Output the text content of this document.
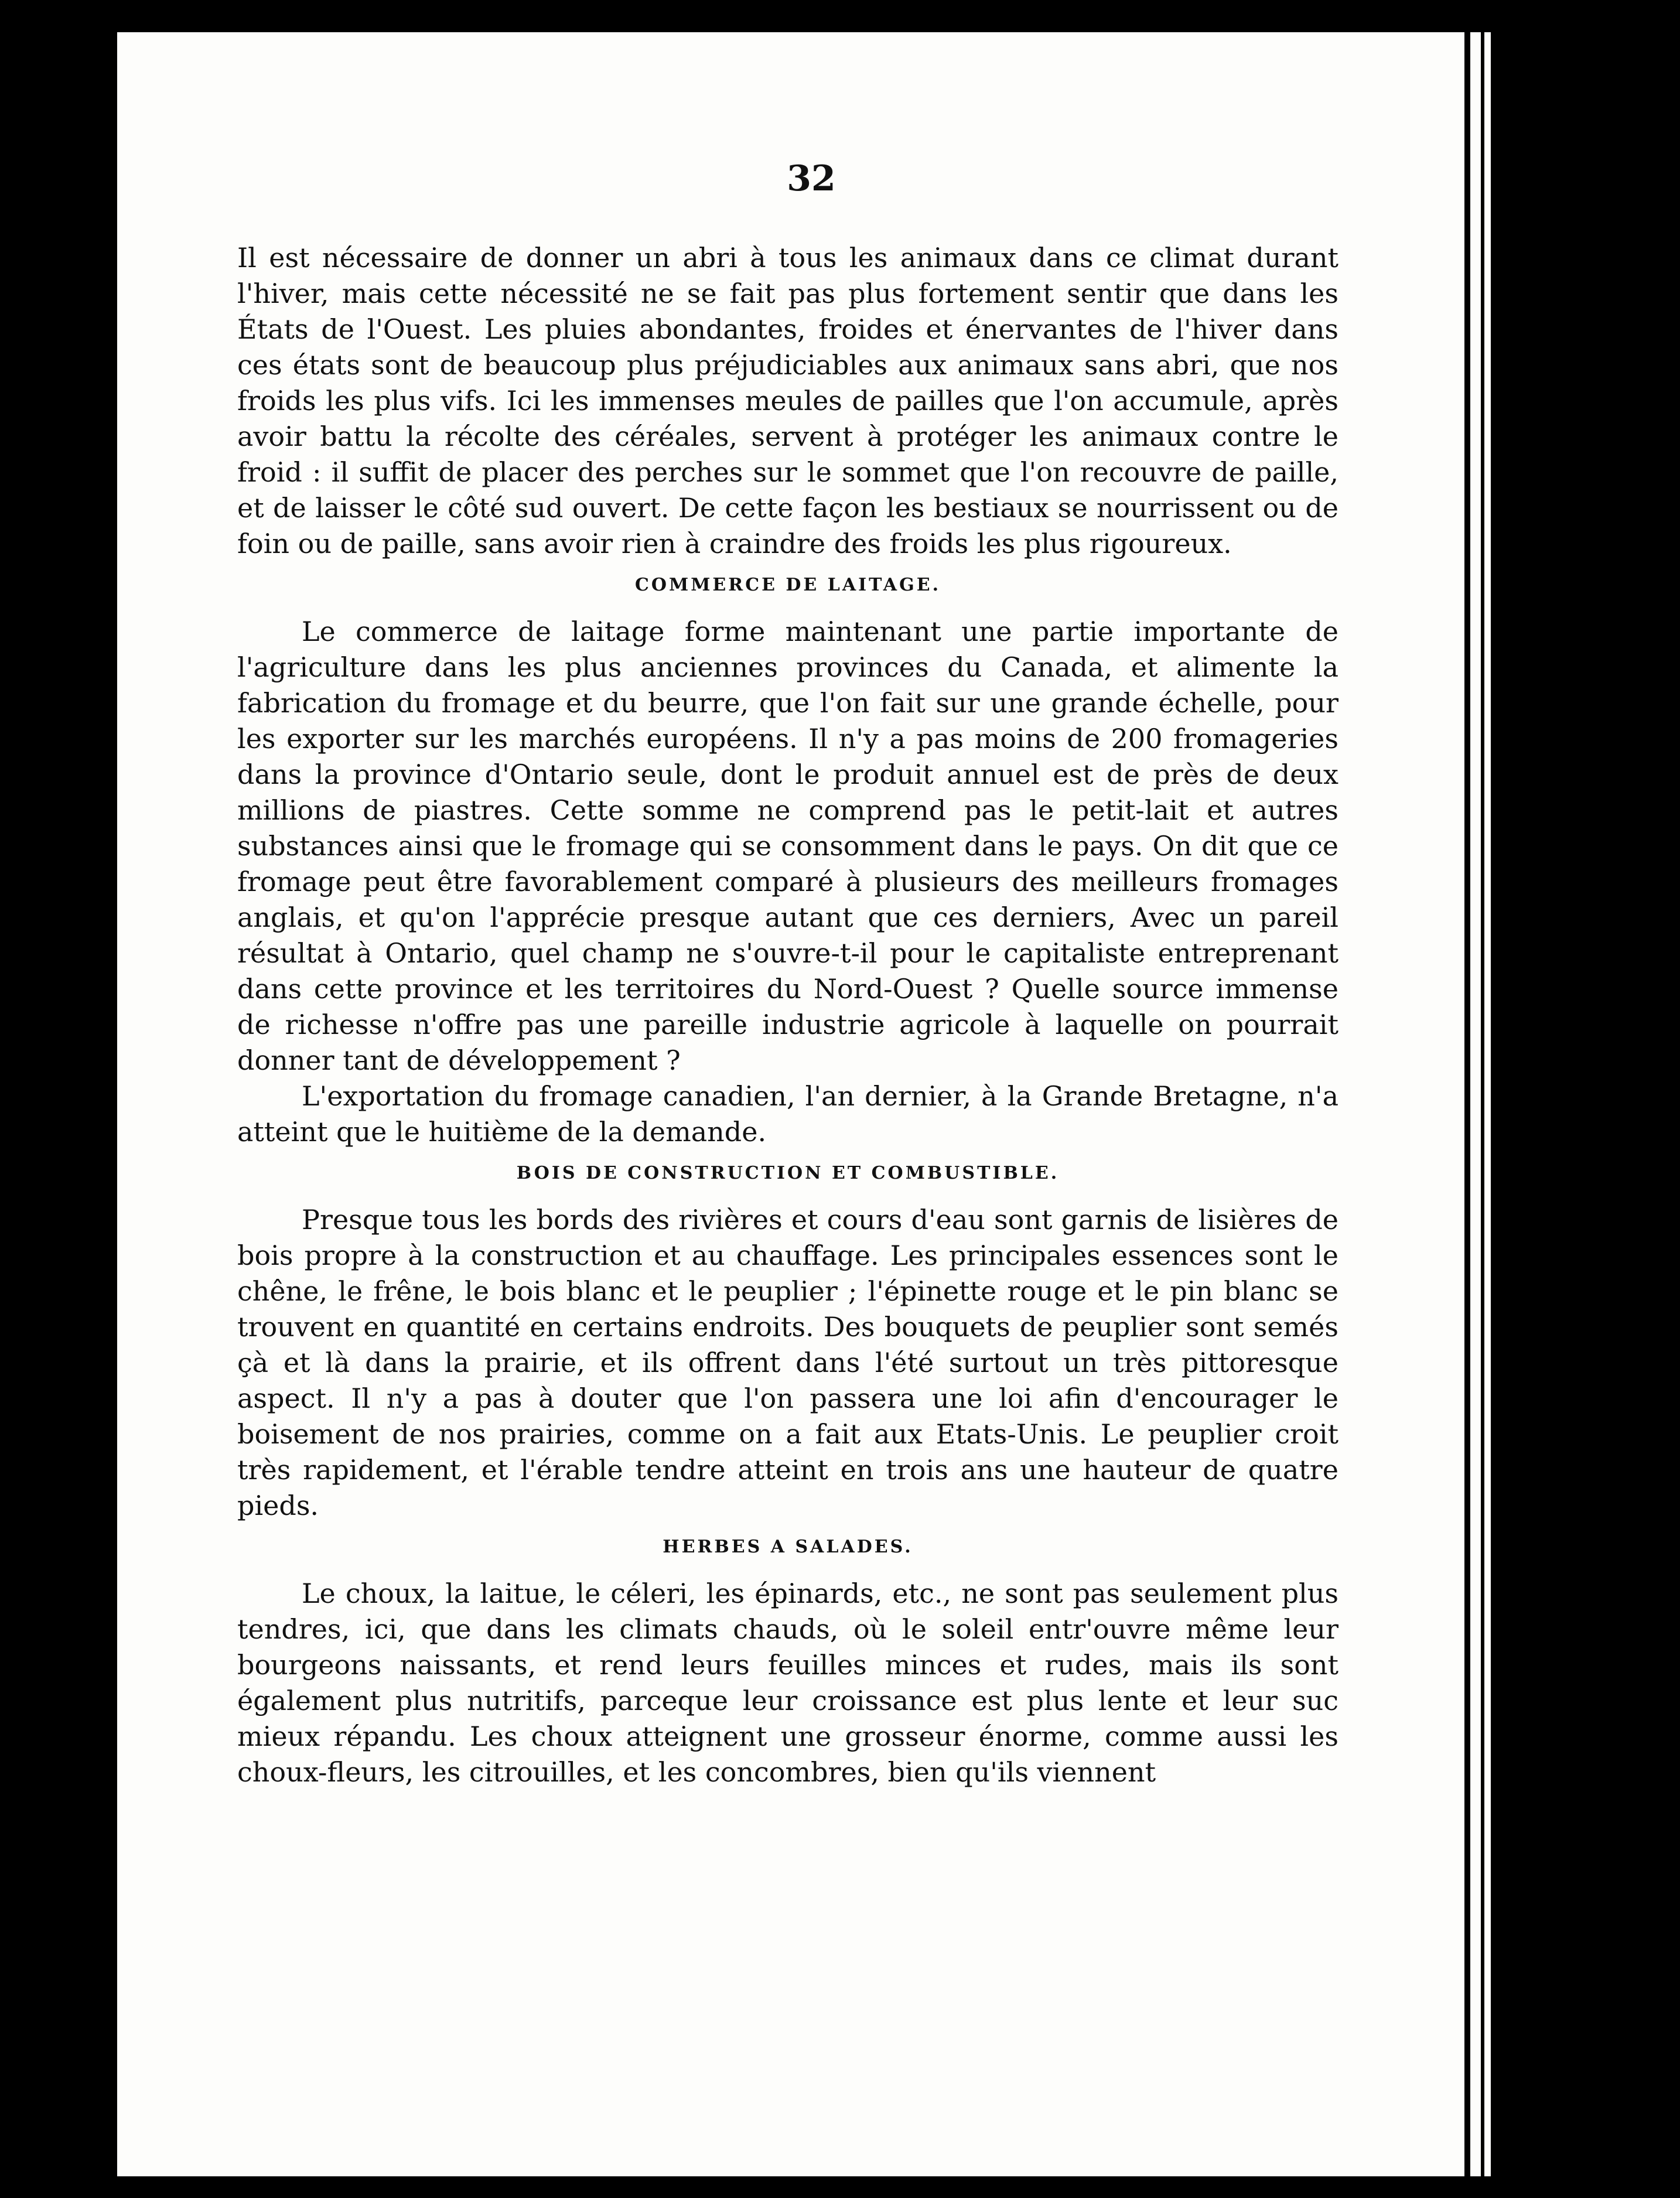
32

Il est nécessaire de donner un abri à tous les animaux dans ce climat durant l'hiver, mais cette nécessité ne se fait pas plus fortement sentir que dans les États de l'Ouest. Les pluies abondantes, froides et énervantes de l'hiver dans ces états sont de beaucoup plus préjudiciables aux animaux sans abri, que nos froids les plus vifs. Ici les immenses meules de pailles que l'on accumule, après avoir battu la récolte des céréales, servent à protéger les animaux contre le froid : il suffit de placer des perches sur le sommet que l'on recouvre de paille, et de laisser le côté sud ouvert. De cette façon les bestiaux se nourrissent ou de foin ou de paille, sans avoir rien à craindre des froids les plus rigoureux.

COMMERCE DE LAITAGE.

Le commerce de laitage forme maintenant une partie importante de l'agriculture dans les plus anciennes provinces du Canada, et alimente la fabrication du fromage et du beurre, que l'on fait sur une grande échelle, pour les exporter sur les marchés européens. Il n'y a pas moins de 200 fromageries dans la province d'Ontario seule, dont le produit annuel est de près de deux millions de piastres. Cette somme ne comprend pas le petit-lait et autres substances ainsi que le fromage qui se consomment dans le pays. On dit que ce fromage peut être favorablement comparé à plusieurs des meilleurs fromages anglais, et qu'on l'apprécie presque autant que ces derniers, Avec un pareil résultat à Ontario, quel champ ne s'ouvre-t-il pour le capitaliste entreprenant dans cette province et les territoires du Nord-Ouest ? Quelle source immense de richesse n'offre pas une pareille industrie agricole à laquelle on pourrait donner tant de développement ?

L'exportation du fromage canadien, l'an dernier, à la Grande Bretagne, n'a atteint que le huitième de la demande.

BOIS DE CONSTRUCTION ET COMBUSTIBLE.

Presque tous les bords des rivières et cours d'eau sont garnis de lisières de bois propre à la construction et au chauffage. Les principales essences sont le chêne, le frêne, le bois blanc et le peuplier ; l'épinette rouge et le pin blanc se trouvent en quantité en certains endroits. Des bouquets de peuplier sont semés çà et là dans la prairie, et ils offrent dans l'été surtout un très pittoresque aspect. Il n'y a pas à douter que l'on passera une loi afin d'encourager le boisement de nos prairies, comme on a fait aux Etats-Unis. Le peuplier croit très rapidement, et l'érable tendre atteint en trois ans une hauteur de quatre pieds.

HERBES A SALADES.

Le choux, la laitue, le céleri, les épinards, etc., ne sont pas seulement plus tendres, ici, que dans les climats chauds, où le soleil entr'ouvre même leur bourgeons naissants, et rend leurs feuilles minces et rudes, mais ils sont également plus nutritifs, parceque leur croissance est plus lente et leur suc mieux répandu. Les choux atteignent une grosseur énorme, comme aussi les choux-fleurs, les citrouilles, et les concombres, bien qu'ils viennent
